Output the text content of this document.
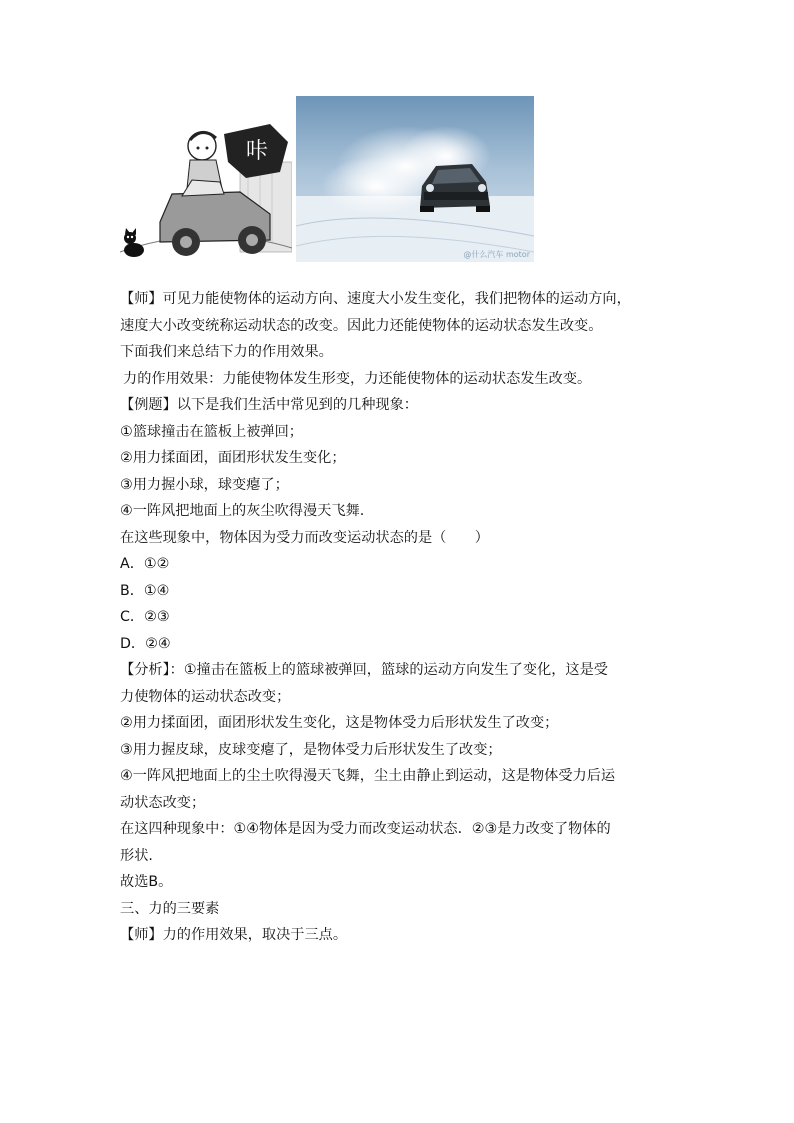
咔
@什么汽车 motor
【师】可见力能使物体的运动方向、速度大小发生变化，我们把物体的运动方向，
速度大小改变统称运动状态的改变。因此力还能使物体的运动状态发生改变。
下面我们来总结下力的作用效果。
力的作用效果：力能使物体发生形变，力还能使物体的运动状态发生改变。
【例题】以下是我们生活中常见到的几种现象：
①篮球撞击在篮板上被弹回；
②用力揉面团，面团形状发生变化；
③用力握小球，球变瘪了；
④一阵风把地面上的灰尘吹得漫天飞舞.
在这些现象中，物体因为受力而改变运动状态的是（　　）
A．①②
B．①④
C．②③
D．②④
【分析】：①撞击在篮板上的篮球被弹回，篮球的运动方向发生了变化，这是受
力使物体的运动状态改变；
②用力揉面团，面团形状发生变化，这是物体受力后形状发生了改变；
③用力握皮球，皮球变瘪了，是物体受力后形状发生了改变；
④一阵风把地面上的尘土吹得漫天飞舞，尘土由静止到运动，这是物体受力后运
动状态改变；
在这四种现象中：①④物体是因为受力而改变运动状态．②③是力改变了物体的
形状.
故选B。
三、力的三要素
【师】力的作用效果，取决于三点。
